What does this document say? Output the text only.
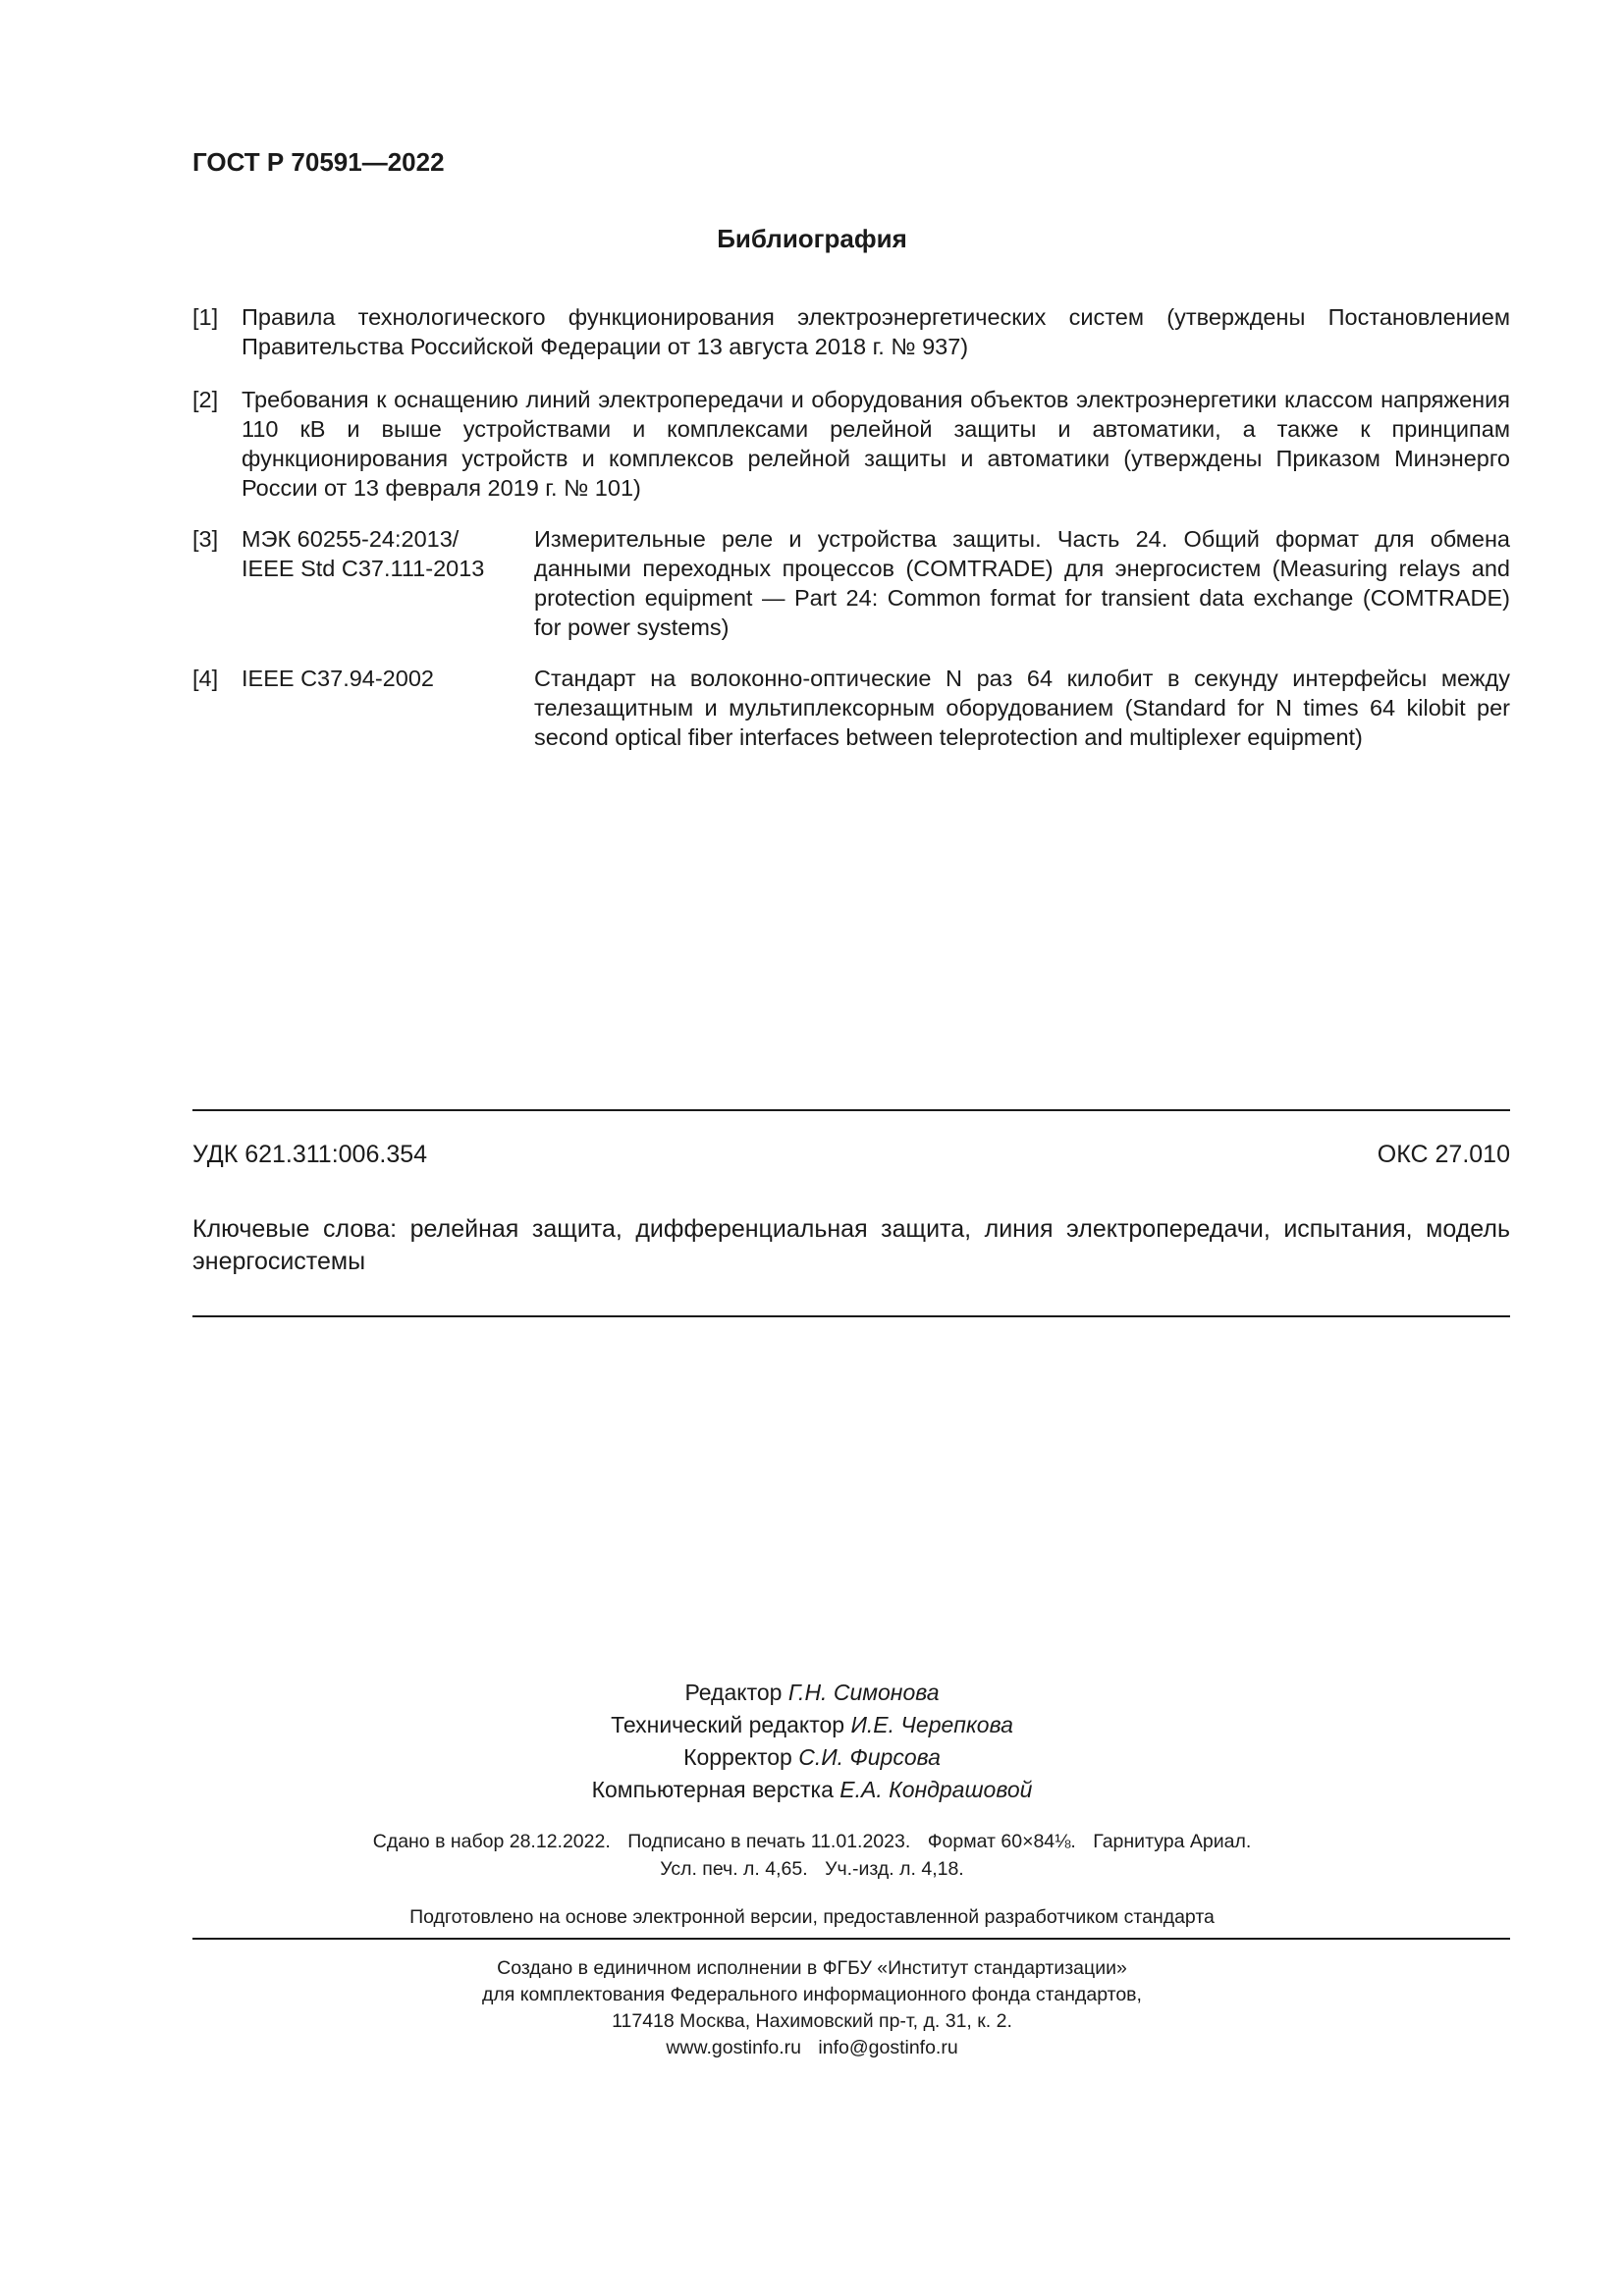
ГОСТ Р 70591—2022
Библиография
[1] Правила технологического функционирования электроэнергетических систем (утверждены Постановлением Правительства Российской Федерации от 13 августа 2018 г. № 937)
[2] Требования к оснащению линий электропередачи и оборудования объектов электроэнергетики классом напряжения 110 кВ и выше устройствами и комплексами релейной защиты и автоматики, а также к принципам функционирования устройств и комплексов релейной защиты и автоматики (утверждены Приказом Минэнерго России от 13 февраля 2019 г. № 101)
[3] МЭК 60255-24:2013/
IEEE Std C37.111-2013
Измерительные реле и устройства защиты. Часть 24. Общий формат для обмена данными переходных процессов (COMTRADE) для энергосистем (Measuring relays and protection equipment — Part 24: Common format for transient data exchange (COMTRADE) for power systems)
[4] IEEE C37.94-2002	Стандарт на волоконно-оптические N раз 64 килобит в секунду интерфейсы между телезащитным и мультиплексорным оборудованием (Standard for N times 64 kilobit per second optical fiber interfaces between teleprotection and multiplexer equipment)
УДК 621.311:006.354	ОКС 27.010
Ключевые слова: релейная защита, дифференциальная защита, линия электропередачи, испытания, модель энергосистемы
Редактор Г.Н. Симонова
Технический редактор И.Е. Черепкова
Корректор С.И. Фирсова
Компьютерная верстка Е.А. Кондрашовой
Сдано в набор 28.12.2022. Подписано в печать 11.01.2023. Формат 60×84⅛. Гарнитура Ариал.
Усл. печ. л. 4,65. Уч.-изд. л. 4,18.
Подготовлено на основе электронной версии, предоставленной разработчиком стандарта
Создано в единичном исполнении в ФГБУ «Институт стандартизации»
для комплектования Федерального информационного фонда стандартов,
117418 Москва, Нахимовский пр-т, д. 31, к. 2.
www.gostinfo.ru info@gostinfo.ru
